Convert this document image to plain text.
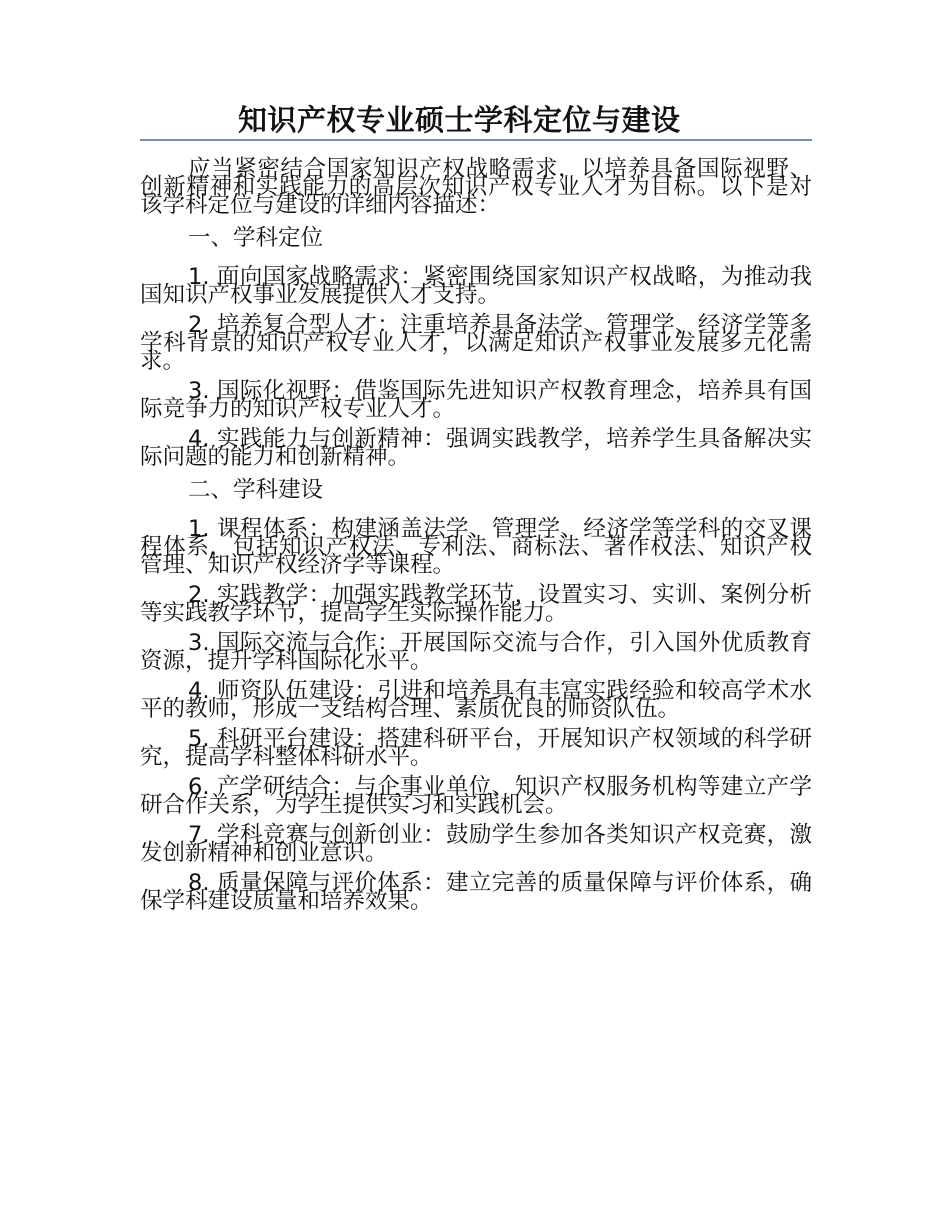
知识产权专业硕士学科定位与建设

应当紧密结合国家知识产权战略需求，以培养具备国际视野、创新精神和实践能力的高层次知识产权专业人才为目标。以下是对该学科定位与建设的详细内容描述：

一、学科定位

1. 面向国家战略需求：紧密围绕国家知识产权战略，为推动我国知识产权事业发展提供人才支持。

2. 培养复合型人才：注重培养具备法学、管理学、经济学等多学科背景的知识产权专业人才，以满足知识产权事业发展多元化需求。

3. 国际化视野：借鉴国际先进知识产权教育理念，培养具有国际竞争力的知识产权专业人才。

4. 实践能力与创新精神：强调实践教学，培养学生具备解决实际问题的能力和创新精神。

二、学科建设

1. 课程体系：构建涵盖法学、管理学、经济学等学科的交叉课程体系，包括知识产权法、专利法、商标法、著作权法、知识产权管理、知识产权经济学等课程。

2. 实践教学：加强实践教学环节，设置实习、实训、案例分析等实践教学环节，提高学生实际操作能力。

3. 国际交流与合作：开展国际交流与合作，引入国外优质教育资源，提升学科国际化水平。

4. 师资队伍建设：引进和培养具有丰富实践经验和较高学术水平的教师，形成一支结构合理、素质优良的师资队伍。

5. 科研平台建设：搭建科研平台，开展知识产权领域的科学研究，提高学科整体科研水平。

6. 产学研结合：与企事业单位、知识产权服务机构等建立产学研合作关系，为学生提供实习和实践机会。

7. 学科竞赛与创新创业：鼓励学生参加各类知识产权竞赛，激发创新精神和创业意识。

8. 质量保障与评价体系：建立完善的质量保障与评价体系，确保学科建设质量和培养效果。
